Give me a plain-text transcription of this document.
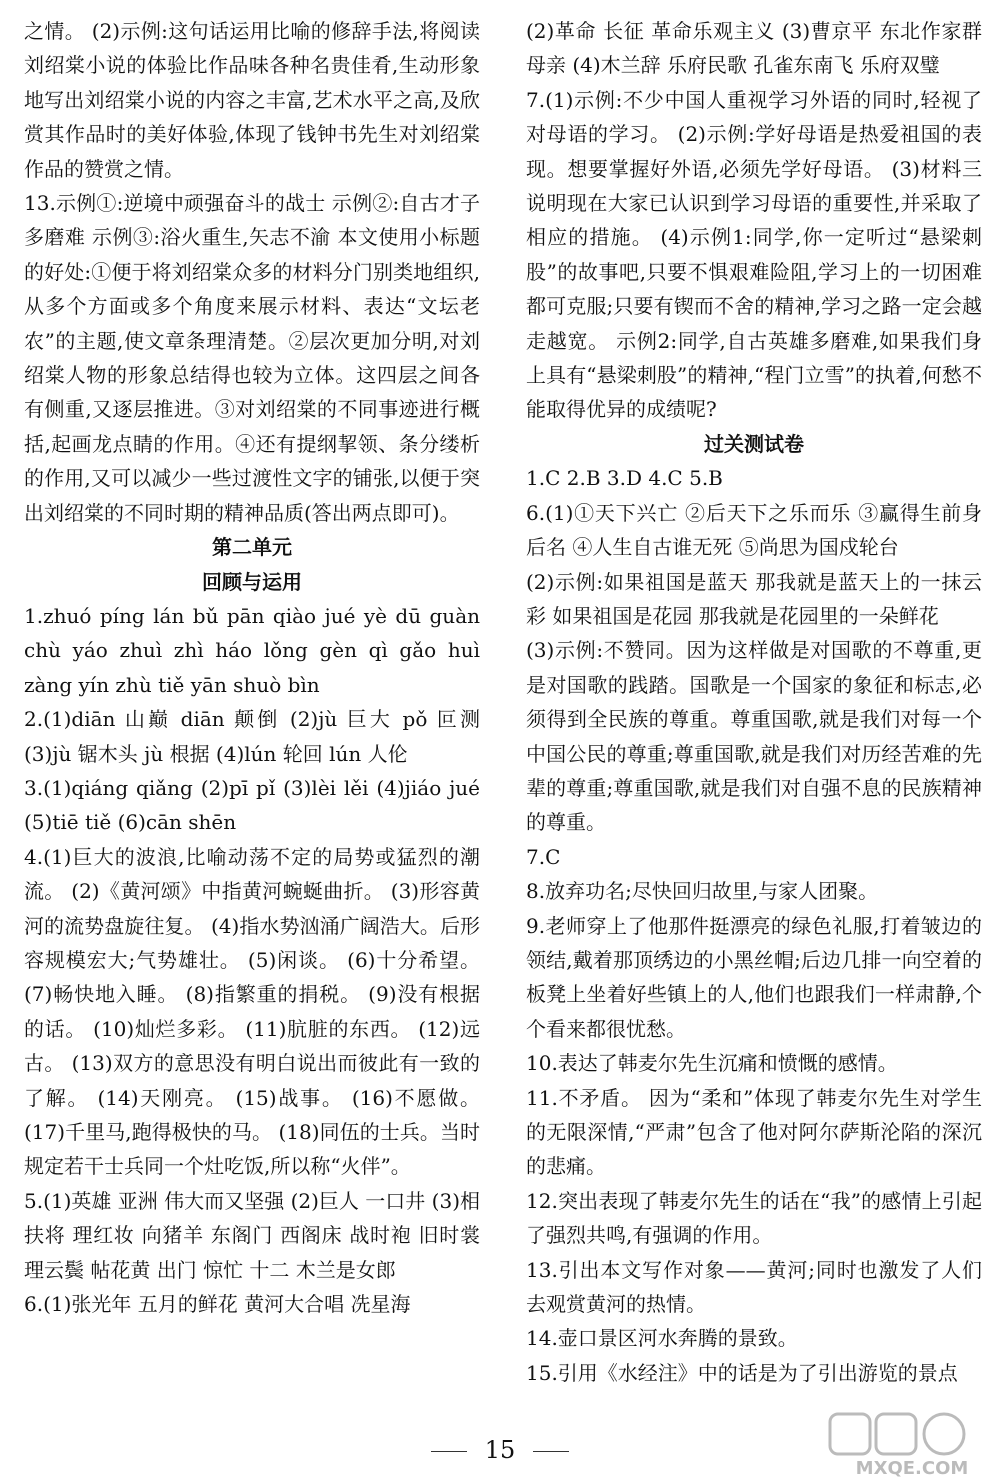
之情。 (2)示例:这句话运用比喻的修辞手法,将阅读刘绍棠小说的体验比作品味各种名贵佳肴,生动形象地写出刘绍棠小说的内容之丰富,艺术水平之高,及欣赏其作品时的美好体验,体现了钱钟书先生对刘绍棠作品的赞赏之情。

13.示例①:逆境中顽强奋斗的战士 示例②:自古才子多磨难 示例③:浴火重生,矢志不渝 本文使用小标题的好处:①便于将刘绍棠众多的材料分门别类地组织,从多个方面或多个角度来展示材料、表达“文坛老农”的主题,使文章条理清楚。②层次更加分明,对刘绍棠人物的形象总结得也较为立体。这四层之间各有侧重,又逐层推进。③对刘绍棠的不同事迹进行概括,起画龙点睛的作用。④还有提纲挈领、条分缕析的作用,又可以减少一些过渡性文字的铺张,以便于突出刘绍棠的不同时期的精神品质(答出两点即可)。

第二单元

回顾与运用

1.zhuó píng lán bǔ pān qiào jué yè dū guàn chù yáo zhuì zhì háo lǒng gèn qì gǎo huì zàng yín zhù tiě yān shuò bìn

2.(1)diān 山巅 diān 颠倒 (2)jù 巨大 pǒ 叵测 (3)jù 锯木头 jù 根据 (4)lún 轮回 lún 人伦

3.(1)qiáng qiǎng (2)pī pǐ (3)lèi lěi (4)jiáo jué (5)tiē tiě (6)cān shēn

4.(1)巨大的波浪,比喻动荡不定的局势或猛烈的潮流。 (2)《黄河颂》中指黄河蜿蜒曲折。 (3)形容黄河的流势盘旋往复。 (4)指水势汹涌广阔浩大。后形容规模宏大;气势雄壮。 (5)闲谈。 (6)十分希望。 (7)畅快地入睡。 (8)指繁重的捐税。 (9)没有根据的话。 (10)灿烂多彩。 (11)肮脏的东西。 (12)远古。 (13)双方的意思没有明白说出而彼此有一致的了解。 (14)天刚亮。 (15)战事。 (16)不愿做。 (17)千里马,跑得极快的马。 (18)同伍的士兵。当时规定若干士兵同一个灶吃饭,所以称“火伴”。

5.(1)英雄 亚洲 伟大而又坚强 (2)巨人 一口井 (3)相扶将 理红妆 向猪羊 东阁门 西阁床 战时袍 旧时裳 理云鬓 帖花黄 出门 惊忙 十二 木兰是女郎

6.(1)张光年 五月的鲜花 黄河大合唱 冼星海

(2)革命 长征 革命乐观主义 (3)曹京平 东北作家群 母亲 (4)木兰辞 乐府民歌 孔雀东南飞 乐府双璧

7.(1)示例:不少中国人重视学习外语的同时,轻视了对母语的学习。 (2)示例:学好母语是热爱祖国的表现。想要掌握好外语,必须先学好母语。 (3)材料三说明现在大家已认识到学习母语的重要性,并采取了相应的措施。 (4)示例1:同学,你一定听过“悬梁刺股”的故事吧,只要不惧艰难险阻,学习上的一切困难都可克服;只要有锲而不舍的精神,学习之路一定会越走越宽。 示例2:同学,自古英雄多磨难,如果我们身上具有“悬梁刺股”的精神,“程门立雪”的执着,何愁不能取得优异的成绩呢?

过关测试卷

1.C 2.B 3.D 4.C 5.B

6.(1)①天下兴亡 ②后天下之乐而乐 ③赢得生前身后名 ④人生自古谁无死 ⑤尚思为国戍轮台

(2)示例:如果祖国是蓝天 那我就是蓝天上的一抹云彩 如果祖国是花园 那我就是花园里的一朵鲜花

(3)示例:不赞同。因为这样做是对国歌的不尊重,更是对国歌的践踏。国歌是一个国家的象征和标志,必须得到全民族的尊重。尊重国歌,就是我们对每一个中国公民的尊重;尊重国歌,就是我们对历经苦难的先辈的尊重;尊重国歌,就是我们对自强不息的民族精神的尊重。

7.C

8.放弃功名;尽快回归故里,与家人团聚。

9.老师穿上了他那件挺漂亮的绿色礼服,打着皱边的领结,戴着那顶绣边的小黑丝帽;后边几排一向空着的板凳上坐着好些镇上的人,他们也跟我们一样肃静,个个看来都很忧愁。

10.表达了韩麦尔先生沉痛和愤慨的感情。

11.不矛盾。 因为“柔和”体现了韩麦尔先生对学生的无限深情,“严肃”包含了他对阿尔萨斯沦陷的深沉的悲痛。

12.突出表现了韩麦尔先生的话在“我”的感情上引起了强烈共鸣,有强调的作用。

13.引出本文写作对象——黄河;同时也激发了人们去观赏黄河的热情。

14.壶口景区河水奔腾的景致。

15.引用《水经注》中的话是为了引出游览的景点

15
MXQE.COM
